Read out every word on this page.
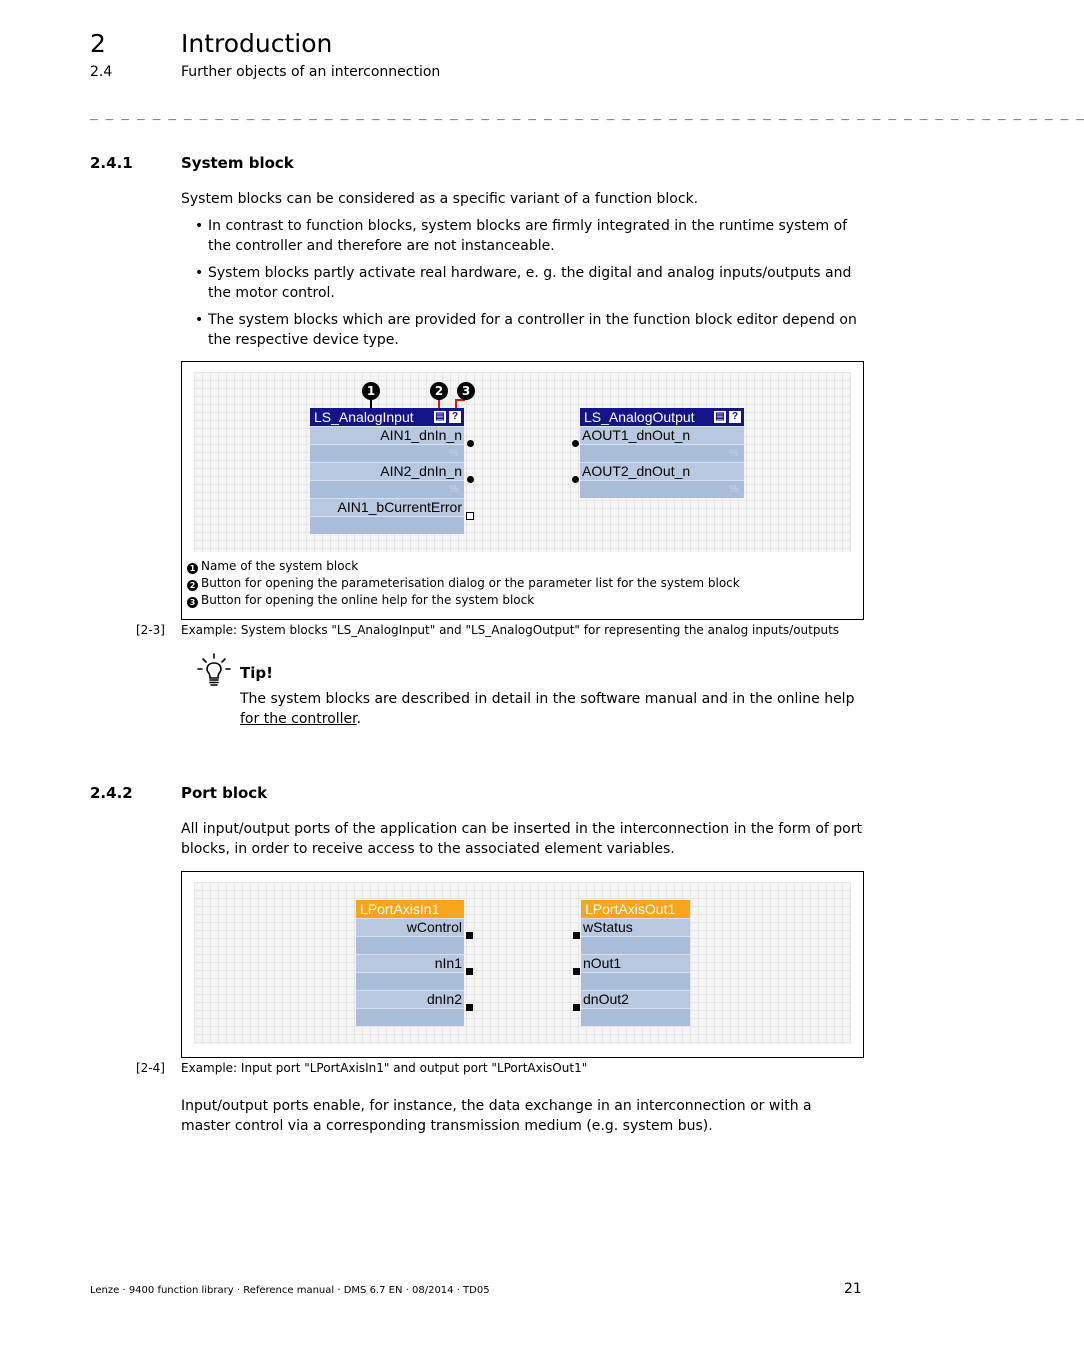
2	Introduction
2.4	Further objects of an interconnection
_ _ _ _ _ _ _ _ _ _ _ _ _ _ _ _ _ _ _ _ _ _ _ _ _ _ _ _ _ _ _ _ _ _ _ _ _ _ _ _ _ _ _ _ _ _ _ _ _ _ _ _ _ _ _ _ _ _ _ _ _ _ _ _
2.4.1	System block
System blocks can be considered as a specific variant of a function block.
• In contrast to function blocks, system blocks are firmly integrated in the runtime system of the controller and therefore are not instanceable.
• System blocks partly activate real hardware, e. g. the digital and analog inputs/outputs and the motor control.
• The system blocks which are provided for a controller in the function block editor depend on the respective device type.
1	2	3
LS_AnalogInput ▤ ?
AIN1_dnIn_n
%
AIN2_dnIn_n
%
AIN1_bCurrentError
LS_AnalogOutput ▤ ?
AOUT1_dnOut_n
%
AOUT2_dnOut_n
%
1 Name of the system block
2 Button for opening the parameterisation dialog or the parameter list for the system block
3 Button for opening the online help for the system block
[2-3] Example: System blocks "LS_AnalogInput" and "LS_AnalogOutput" for representing the analog inputs/outputs
Tip!
The system blocks are described in detail in the software manual and in the online help for the controller.
2.4.2	Port block
All input/output ports of the application can be inserted in the interconnection in the form of port blocks, in order to receive access to the associated element variables.
LPortAxisIn1
wControl
nIn1
dnIn2
LPortAxisOut1
wStatus
nOut1
dnOut2
[2-4] Example: Input port "LPortAxisIn1" and output port "LPortAxisOut1"
Input/output ports enable, for instance, the data exchange in an interconnection or with a master control via a corresponding transmission medium (e.g. system bus).
Lenze · 9400 function library · Reference manual · DMS 6.7 EN · 08/2014 · TD05	21
